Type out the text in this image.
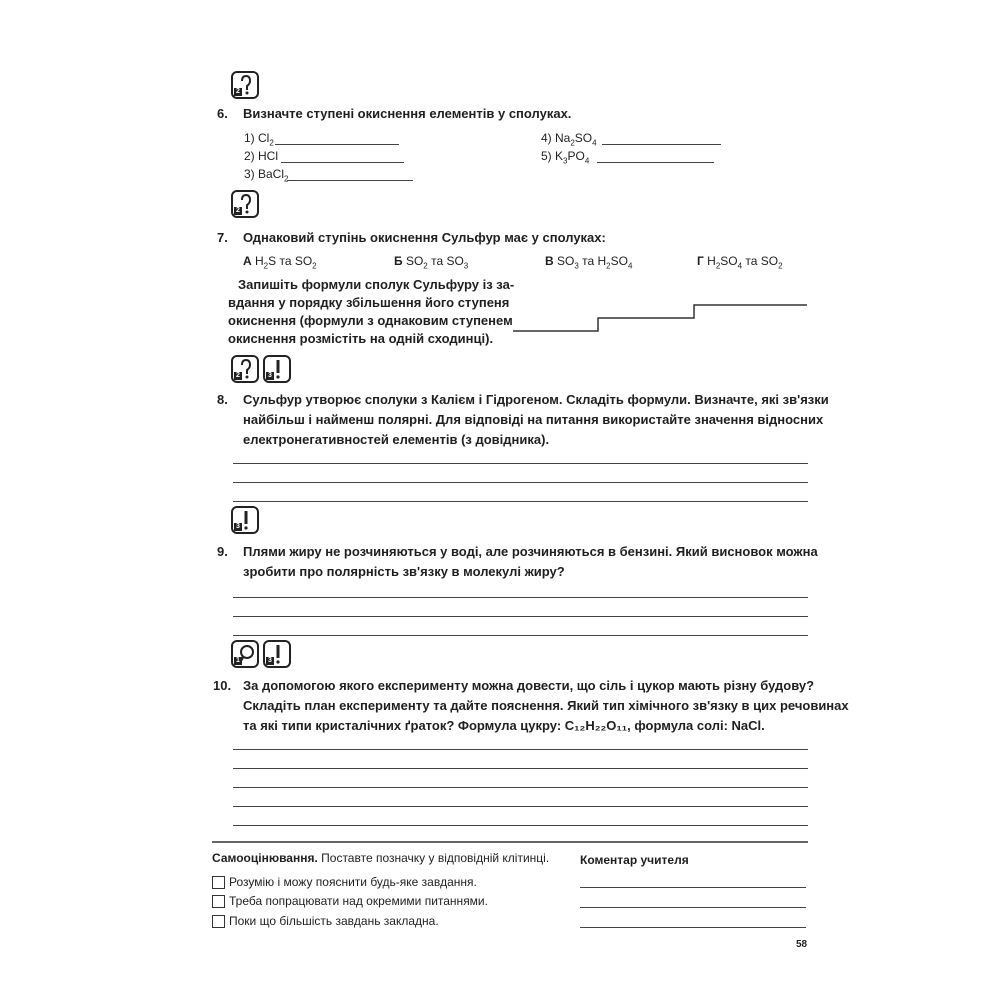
2
6. Визначте ступені окиснення елементів у сполуках.
1) $Cl_2$
2) HCl
3) BaCl$_2$
4) $Na_2SO_4$
5) $K_3PO_4$
2
7. Однаковий ступінь окиснення Сульфур має у сполуках:
А $H_2S$ та $SO_2$	Б $SO_2$ та $SO_3$	В $SO_3$ та $H_2SO_4$	Г $H_2SO_4$ та $SO_2$
Запишіть формули сполук Сульфуру із за-
вдання у порядку збільшення його ступеня
окиснення (формули з однаковим ступенем
окиснення розмістіть на одній сходинці).
2	3
8. Сульфур утворює сполуки з Калієм і Гідрогеном. Складіть формули. Визначте, які зв'язки
найбільш і найменш полярні. Для відповіді на питання використайте значення відносних
електронегативностей елементів (з довідника).
3
9. Плями жиру не розчиняються у воді, але розчиняються в бензині. Який висновок можна
зробити про полярність зв'язку в молекулі жиру?
1	3
10. За допомогою якого експерименту можна довести, що сіль і цукор мають різну будову?
Складіть план експерименту та дайте пояснення. Який тип хімічного зв'язку в цих речовинах
та які типи кристалічних ґраток? Формула цукру: C₁₂H₂₂O₁₁, формула солі: NaCl.
Самооцінювання. Поставте позначку у відповідній клітинці.
Розумію і можу пояснити будь-яке завдання.
Треба попрацювати над окремими питаннями.
Поки що більшість завдань закладна.
Коментар учителя
58
